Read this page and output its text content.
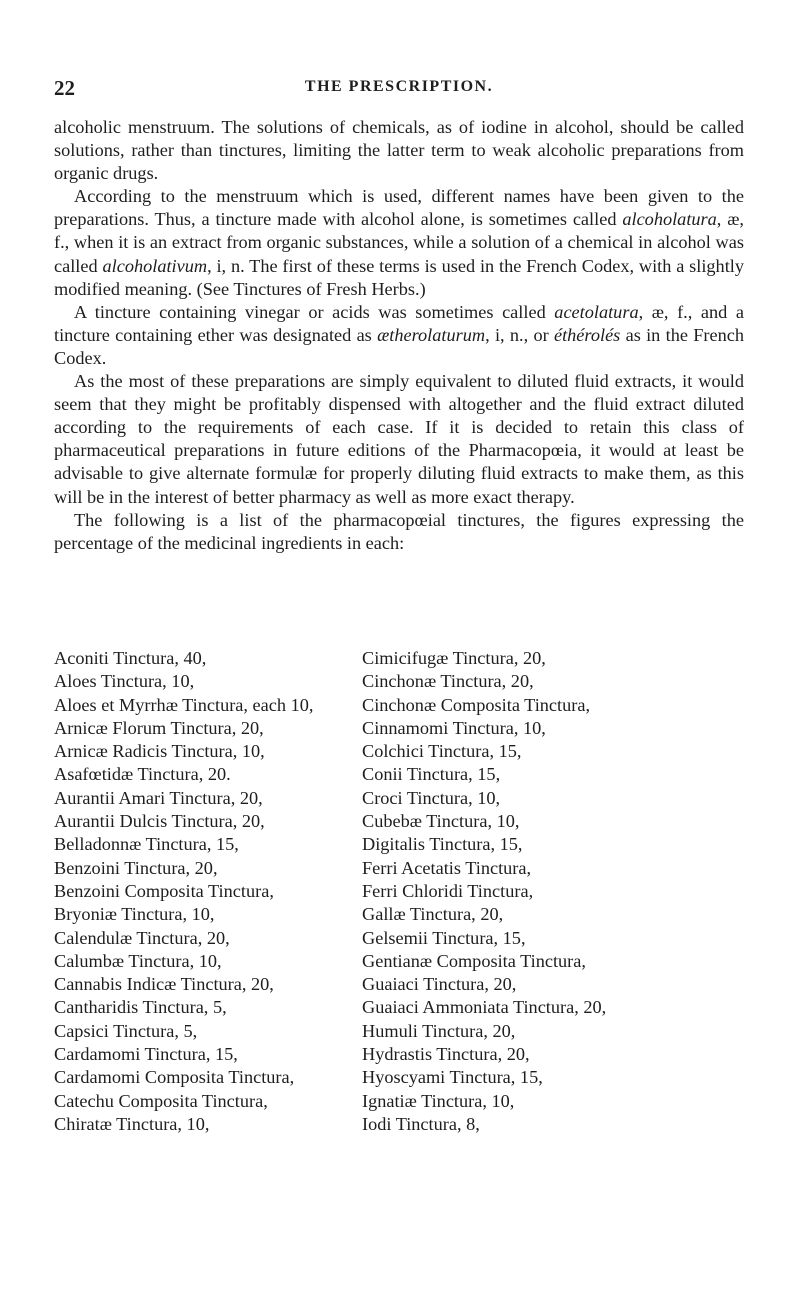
22	THE PRESCRIPTION.

alcoholic menstruum. The solutions of chemicals, as of iodine in alcohol, should be called solutions, rather than tinctures, limiting the latter term to weak alcoholic preparations from organic drugs.

According to the menstruum which is used, different names have been given to the preparations. Thus, a tincture made with alcohol alone, is sometimes called alcoholatura, æ, f., when it is an extract from organic substances, while a solution of a chemical in alcohol was called alcoholativum, i, n. The first of these terms is used in the French Codex, with a slightly modified meaning. (See Tinctures of Fresh Herbs.)

A tincture containing vinegar or acids was sometimes called acetolatura, æ, f., and a tincture containing ether was designated as ætherolaturum, i, n., or éthérolés as in the French Codex.

As the most of these preparations are simply equivalent to diluted fluid extracts, it would seem that they might be profitably dispensed with altogether and the fluid extract diluted according to the requirements of each case. If it is decided to retain this class of pharmaceutical preparations in future editions of the Pharmacopœia, it would at least be advisable to give alternate formulæ for properly diluting fluid extracts to make them, as this will be in the interest of better pharmacy as well as more exact therapy.

The following is a list of the pharmacopœial tinctures, the figures expressing the percentage of the medicinal ingredients in each:

Aconiti Tinctura, 40,
Aloes Tinctura, 10,
Aloes et Myrrhæ Tinctura, each 10,
Arnicæ Florum Tinctura, 20,
Arnicæ Radicis Tinctura, 10,
Asafœtidæ Tinctura, 20.
Aurantii Amari Tinctura, 20,
Aurantii Dulcis Tinctura, 20,
Belladonnæ Tinctura, 15,
Benzoini Tinctura, 20,
Benzoini Composita Tinctura,
Bryoniæ Tinctura, 10,
Calendulæ Tinctura, 20,
Calumbæ Tinctura, 10,
Cannabis Indicæ Tinctura, 20,
Cantharidis Tinctura, 5,
Capsici Tinctura, 5,
Cardamomi Tinctura, 15,
Cardamomi Composita Tinctura,
Catechu Composita Tinctura,
Chiratæ Tinctura, 10,
Cimicifugæ Tinctura, 20,
Cinchonæ Tinctura, 20,
Cinchonæ Composita Tinctura,
Cinnamomi Tinctura, 10,
Colchici Tinctura, 15,
Conii Tinctura, 15,
Croci Tinctura, 10,
Cubebæ Tinctura, 10,
Digitalis Tinctura, 15,
Ferri Acetatis Tinctura,
Ferri Chloridi Tinctura,
Gallæ Tinctura, 20,
Gelsemii Tinctura, 15,
Gentianæ Composita Tinctura,
Guaiaci Tinctura, 20,
Guaiaci Ammoniata Tinctura, 20,
Humuli Tinctura, 20,
Hydrastis Tinctura, 20,
Hyoscyami Tinctura, 15,
Ignatiæ Tinctura, 10,
Iodi Tinctura, 8,
